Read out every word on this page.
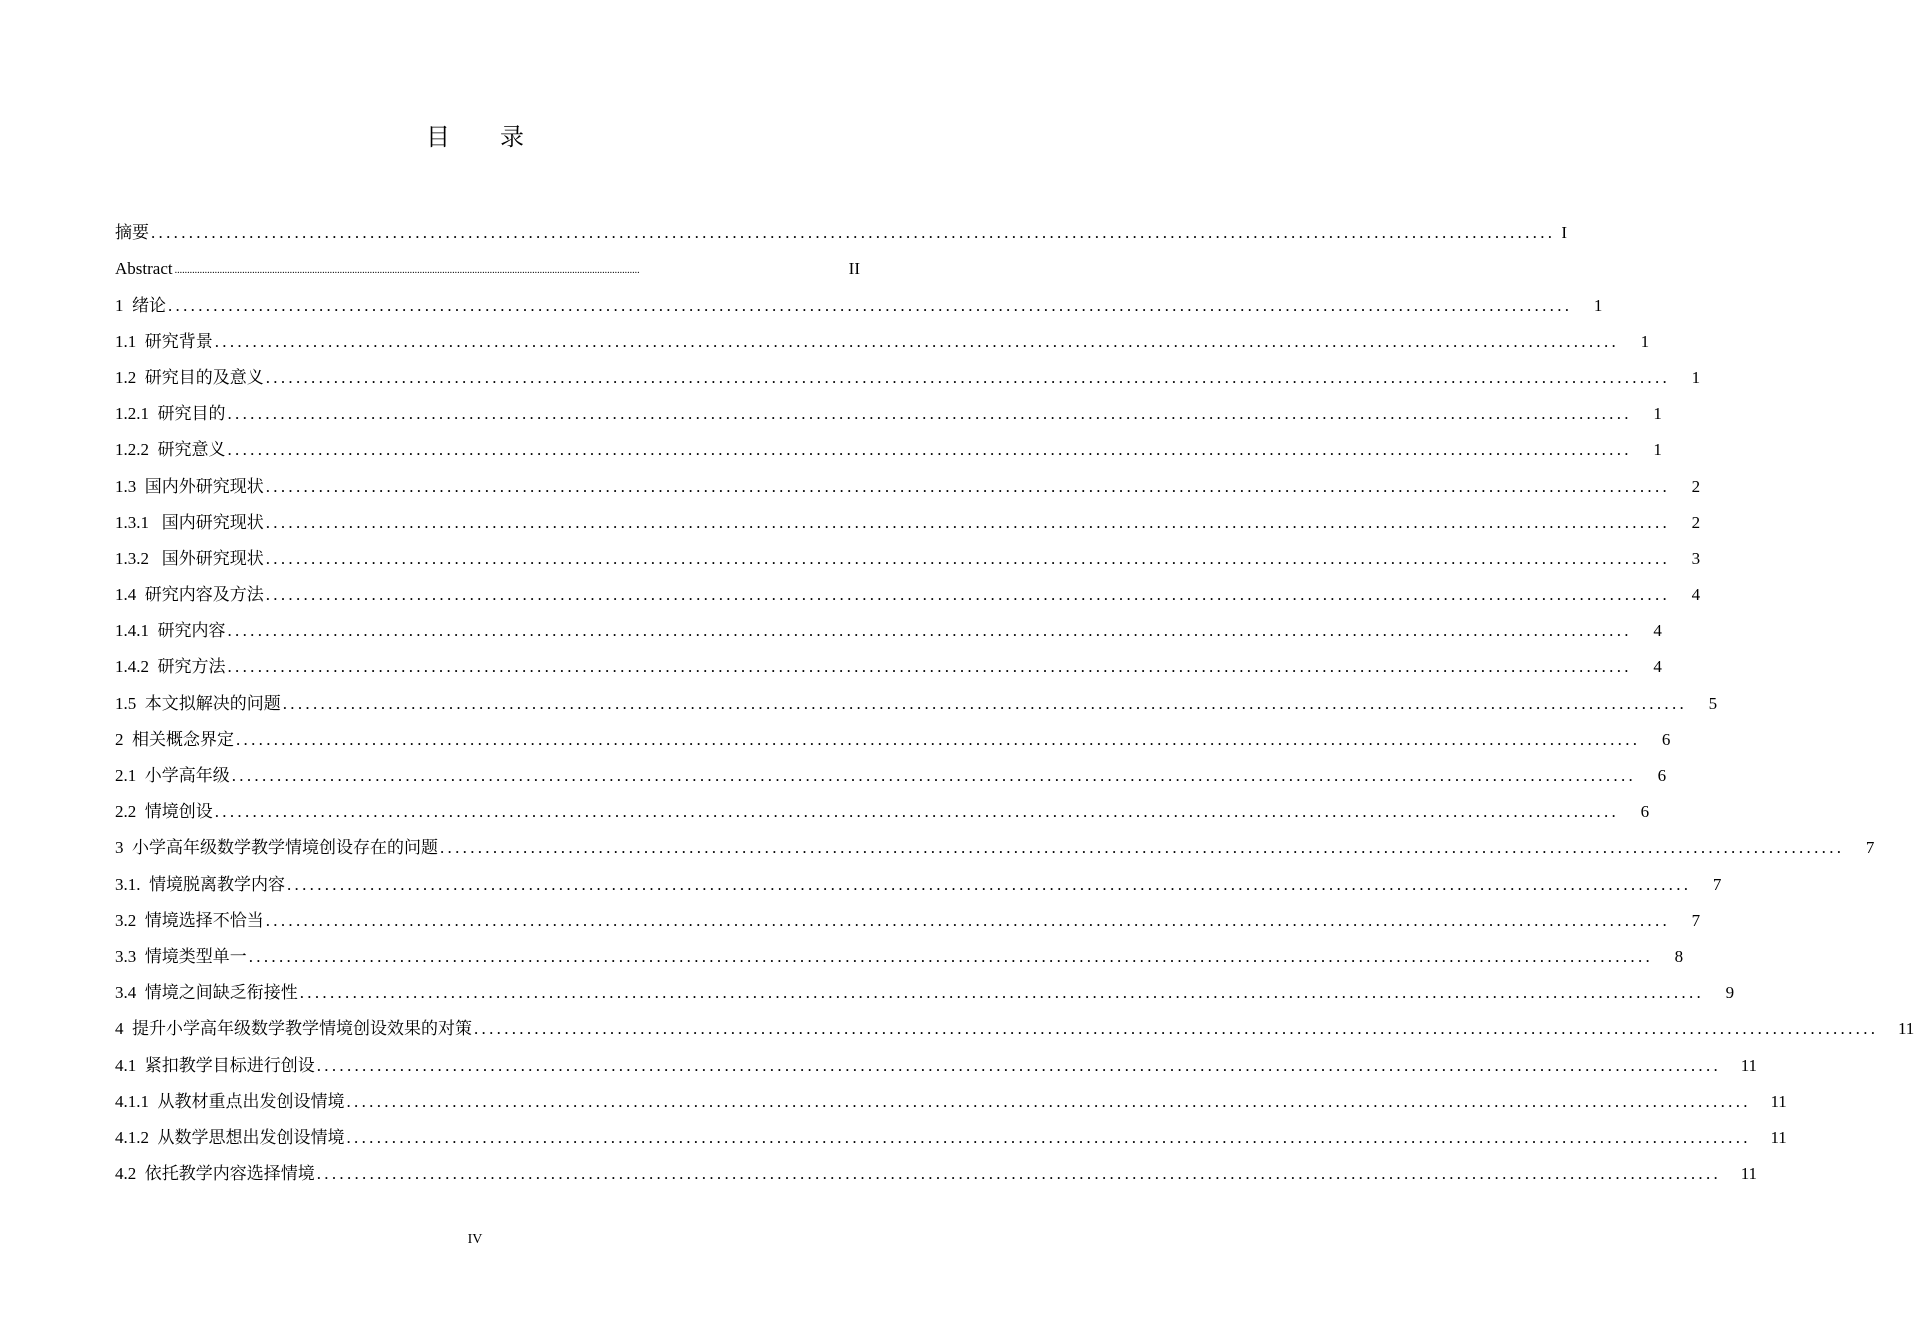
目 录
摘要 .......................................................................................................................................................................................... I
Abstract ..........................................................................................................................................................................................	II
1  绪论 ..........................................................................................................................................................................................	1
1.1  研究背景 ..........................................................................................................................................................................................	1
1.2  研究目的及意义 ..........................................................................................................................................................................................	1
1.2.1  研究目的 ..........................................................................................................................................................................................	1
1.2.2  研究意义 ..........................................................................................................................................................................................	1
1.3  国内外研究现状 ..........................................................................................................................................................................................	2
1.3.1   国内研究现状 ..........................................................................................................................................................................................	2
1.3.2   国外研究现状 ..........................................................................................................................................................................................	3
1.4  研究内容及方法 ..........................................................................................................................................................................................	4
1.4.1  研究内容 ..........................................................................................................................................................................................	4
1.4.2  研究方法 ..........................................................................................................................................................................................	4
1.5  本文拟解决的问题 ..........................................................................................................................................................................................	5
2  相关概念界定 ..........................................................................................................................................................................................	6
2.1  小学高年级 ..........................................................................................................................................................................................	6
2.2  情境创设 ..........................................................................................................................................................................................	6
3  小学高年级数学教学情境创设存在的问题 ..........................................................................................................................................................................................	7
3.1.  情境脱离教学内容 ..........................................................................................................................................................................................	7
3.2  情境选择不恰当 ..........................................................................................................................................................................................	7
3.3  情境类型单一 ..........................................................................................................................................................................................	8
3.4  情境之间缺乏衔接性 ..........................................................................................................................................................................................	9
4  提升小学高年级数学教学情境创设效果的对策 ..........................................................................................................................................................................................	11
4.1  紧扣教学目标进行创设 ..........................................................................................................................................................................................	11
4.1.1  从教材重点出发创设情境 ..........................................................................................................................................................................................	11
4.1.2  从数学思想出发创设情境 ..........................................................................................................................................................................................	11
4.2  依托教学内容选择情境 ..........................................................................................................................................................................................	11
IV
